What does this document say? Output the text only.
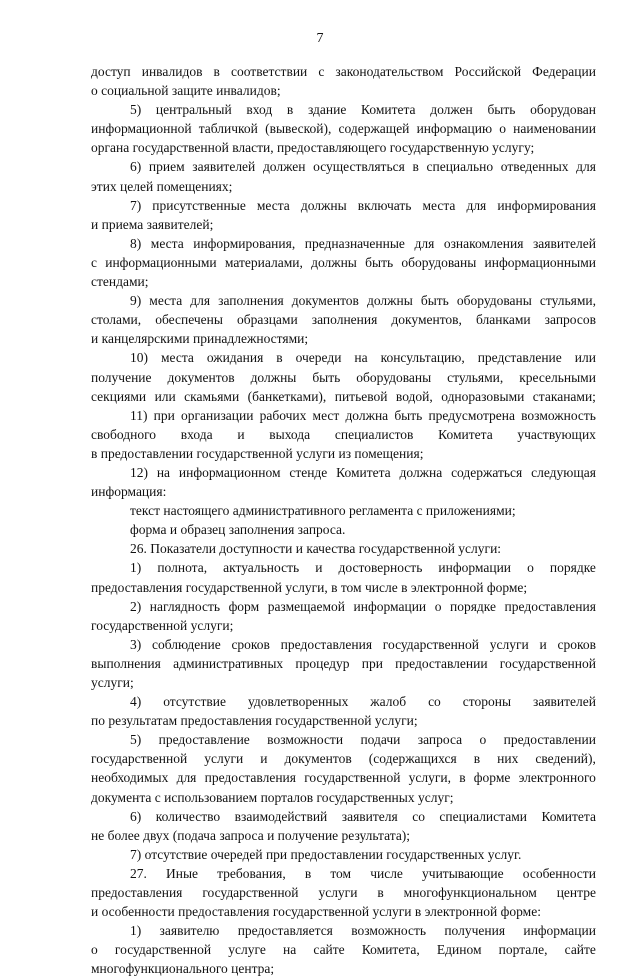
7
доступ инвалидов в соответствии с законодательством Российской Федерации
о социальной защите инвалидов;
5) центральный вход в здание Комитета должен быть оборудован
информационной табличкой (вывеской), содержащей информацию о наименовании
органа государственной власти, предоставляющего государственную услугу;
6) прием заявителей должен осуществляться в специально отведенных для
этих целей помещениях;
7) присутственные места должны включать места для информирования
и приема заявителей;
8) места информирования, предназначенные для ознакомления заявителей
с информационными материалами, должны быть оборудованы информационными
стендами;
9) места для заполнения документов должны быть оборудованы стульями,
столами, обеспечены образцами заполнения документов, бланками запросов
и канцелярскими принадлежностями;
10) места ожидания в очереди на консультацию, представление или
получение документов должны быть оборудованы стульями, кресельными
секциями или скамьями (банкетками), питьевой водой, одноразовыми стаканами;
11) при организации рабочих мест должна быть предусмотрена возможность
свободного входа и выхода специалистов Комитета участвующих
в предоставлении государственной услуги из помещения;
12) на информационном стенде Комитета должна содержаться следующая
информация:
текст настоящего административного регламента с приложениями;
форма и образец заполнения запроса.
26. Показатели доступности и качества государственной услуги:
1) полнота, актуальность и достоверность информации о порядке
предоставления государственной услуги, в том числе в электронной форме;
2) наглядность форм размещаемой информации о порядке предоставления
государственной услуги;
3) соблюдение сроков предоставления государственной услуги и сроков
выполнения административных процедур при предоставлении государственной
услуги;
4) отсутствие удовлетворенных жалоб со стороны заявителей
по результатам предоставления государственной услуги;
5) предоставление возможности подачи запроса о предоставлении
государственной услуги и документов (содержащихся в них сведений),
необходимых для предоставления государственной услуги, в форме электронного
документа с использованием порталов государственных услуг;
6) количество взаимодействий заявителя со специалистами Комитета
не более двух (подача запроса и получение результата);
7) отсутствие очередей при предоставлении государственных услуг.
27. Иные требования, в том числе учитывающие особенности
предоставления государственной услуги в многофункциональном центре
и особенности предоставления государственной услуги в электронной форме:
1) заявителю предоставляется возможность получения информации
о государственной услуге на сайте Комитета, Едином портале, сайте
многофункционального центра;
